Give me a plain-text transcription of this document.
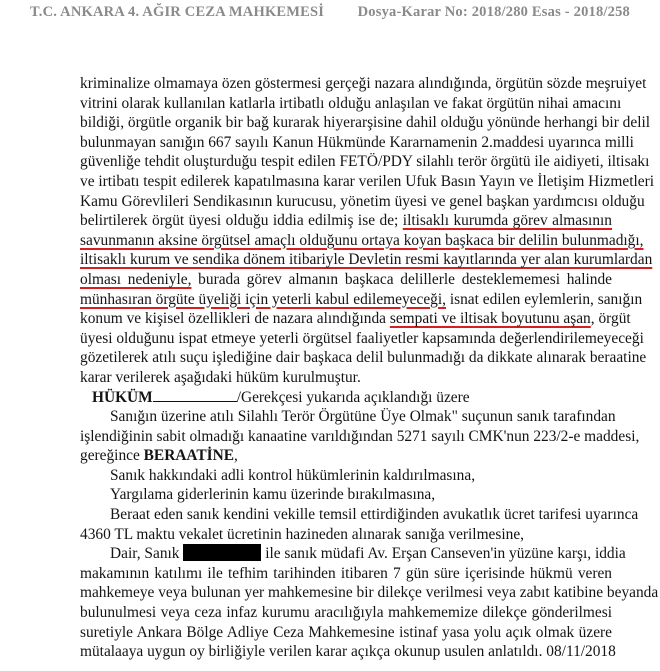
T.C. ANKARA 4. AĞIR CEZA MAHKEMESİ Dosya-Karar No: 2018/280 Esas - 2018/258
kriminalize olmamaya özen göstermesi gerçeği nazara alındığında, örgütün sözde meşruiyet
vitrini olarak kullanılan katlarla irtibatlı olduğu anlaşılan ve fakat örgütün nihai amacını
bildiği, örgütle organik bir bağ kurarak hiyerarşisine dahil olduğu yönünde herhangi bir delil
bulunmayan sanığın 667 sayılı Kanun Hükmünde Kararnamenin 2.maddesi uyarınca milli
güvenliğe tehdit oluşturduğu tespit edilen FETÖ/PDY silahlı terör örgütü ile aidiyeti, iltisakı
ve irtibatı tespit edilerek kapatılmasına karar verilen Ufuk Basın Yayın ve İletişim Hizmetleri
Kamu Görevlileri Sendikasının kurucusu, yönetim üyesi ve genel başkan yardımcısı olduğu
belirtilerek örgüt üyesi olduğu iddia edilmiş ise de; iltisaklı kurumda görev almasının
savunmanın aksine örgütsel amaçlı olduğunu ortaya koyan başkaca bir delilin bulunmadığı,
iltisaklı kurum ve sendika dönem itibariyle Devletin resmi kayıtlarında yer alan kurumlardan
olması nedeniyle, burada görev almanın başkaca delillerle desteklememesi halinde
münhasıran örgüte üyeliği için yeterli kabul edilemeyeceği, isnat edilen eylemlerin, sanığın
konum ve kişisel özellikleri de nazara alındığında sempati ve iltisak boyutunu aşan, örgüt
üyesi olduğunu ispat etmeye yeterli örgütsel faaliyetler kapsamında değerlendirilemeyeceği
gözetilerek atılı suçu işlediğine dair başkaca delil bulunmadığı da dikkate alınarak beraatine
karar verilerek aşağıdaki hüküm kurulmuştur.
HÜKÜM	/Gerekçesi yukarıda açıklandığı üzere
Sanığın üzerine atılı Silahlı Terör Örgütüne Üye Olmak" suçunun sanık tarafından
işlendiğinin sabit olmadığı kanaatine varıldığından 5271 sayılı CMK'nun 223/2-e maddesi,
gereğince BERAATİNE,
Sanık hakkındaki adli kontrol hükümlerinin kaldırılmasına,
Yargılama giderlerinin kamu üzerinde bırakılmasına,
Beraat eden sanık kendini vekille temsil ettirdiğinden avukatlık ücret tarifesi uyarınca
4360 TL maktu vekalet ücretinin hazineden alınarak sanığa verilmesine,
Dair, Sanık	ile sanık müdafi Av. Erşan Canseven'in yüzüne karşı, iddia
makamının katılımı ile tefhim tarihinden itibaren 7 gün süre içerisinde hükmü veren
mahkemeye veya bulunan yer mahkemesine bir dilekçe verilmesi veya zabıt katibine beyanda
bulunulmesi veya ceza infaz kurumu aracılığıyla mahkememize dilekçe gönderilmesi
suretiyle Ankara Bölge Adliye Ceza Mahkemesine istinaf yasa yolu açık olmak üzere
mütalaaya uygun oy birliğiyle verilen karar açıkça okunup usulen anlatıldı. 08/11/2018
